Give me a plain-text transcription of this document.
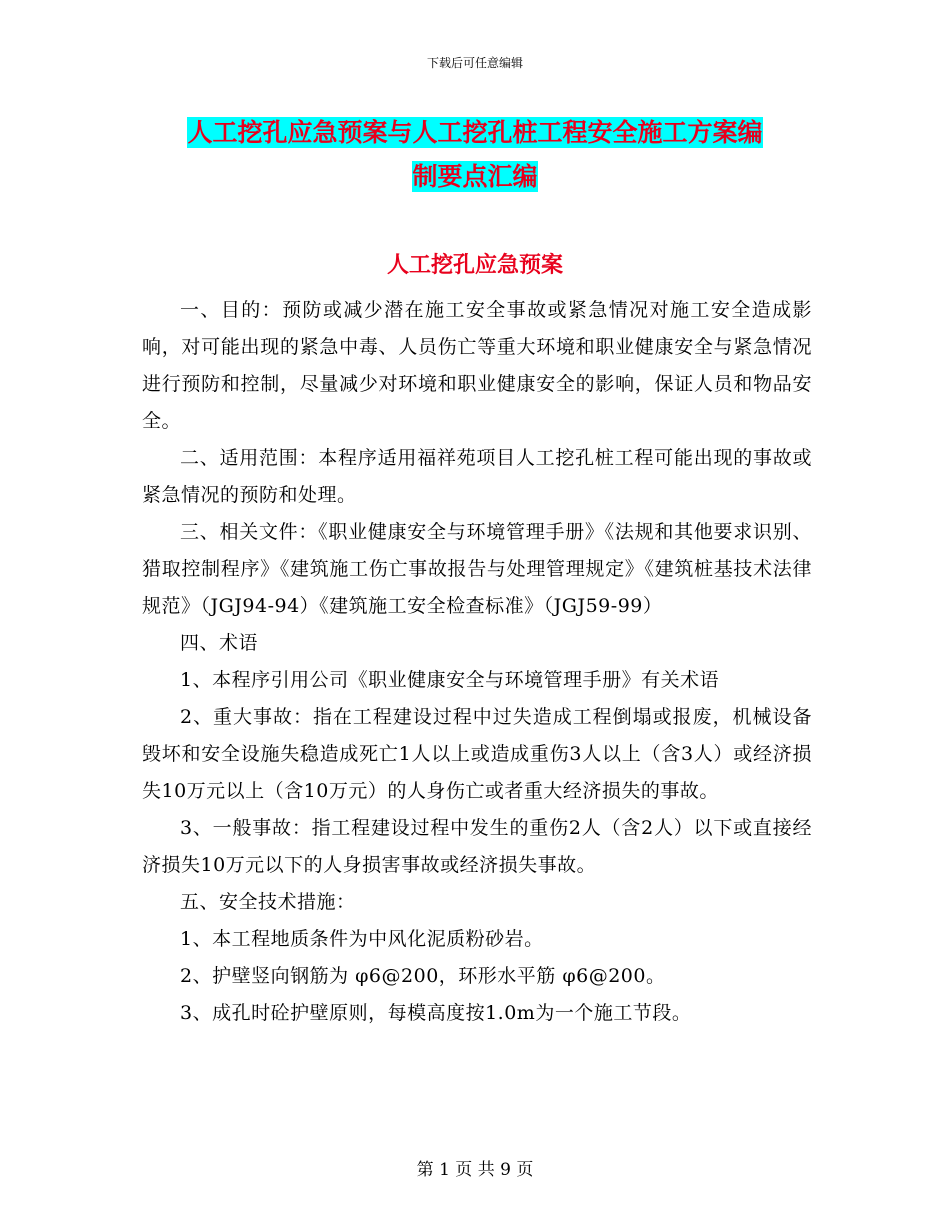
下载后可任意编辑
人工挖孔应急预案与人工挖孔桩工程安全施工方案编
制要点汇编
人工挖孔应急预案

一、目的：预防或减少潜在施工安全事故或紧急情况对施工安全造成影响，对可能出现的紧急中毒、人员伤亡等重大环境和职业健康安全与紧急情况进行预防和控制，尽量减少对环境和职业健康安全的影响，保证人员和物品安全。

二、适用范围：本程序适用福祥苑项目人工挖孔桩工程可能出现的事故或紧急情况的预防和处理。

三、相关文件：《职业健康安全与环境管理手册》《法规和其他要求识别、猎取控制程序》《建筑施工伤亡事故报告与处理管理规定》《建筑桩基技术法律规范》（JGJ94-94）《建筑施工安全检查标准》（JGJ59-99）

四、术语

1、本程序引用公司《职业健康安全与环境管理手册》有关术语

2、重大事故：指在工程建设过程中过失造成工程倒塌或报废，机械设备毁坏和安全设施失稳造成死亡1人以上或造成重伤3人以上（含3人）或经济损失10万元以上（含10万元）的人身伤亡或者重大经济损失的事故。

3、一般事故：指工程建设过程中发生的重伤2人（含2人）以下或直接经济损失10万元以下的人身损害事故或经济损失事故。

五、安全技术措施：

1、本工程地质条件为中风化泥质粉砂岩。

2、护壁竖向钢筋为 φ6@200，环形水平筋 φ6@200。

3、成孔时砼护壁原则，每模高度按1.0m为一个施工节段。

第 1 页 共 9 页
